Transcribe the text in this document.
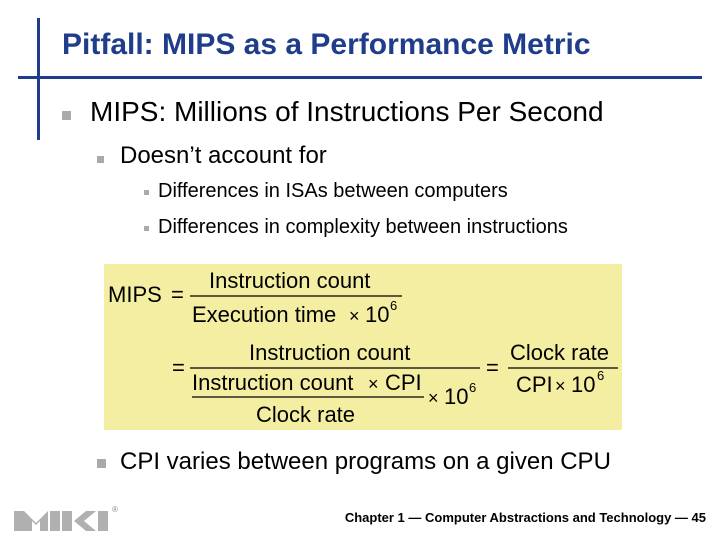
Pitfall: MIPS as a Performance Metric

MIPS: Millions of Instructions Per Second

Doesn’t account for

Differences in ISAs between computers

Differences in complexity between instructions

MIPS =
Instruction count
Execution time × 10 6
=
Instruction count
Instruction count × CPI
Clock rate
× 10 6
=
Clock rate
CPI × 10 6

CPI varies between programs on a given CPU

®
Chapter 1 — Computer Abstractions and Technology — 45
